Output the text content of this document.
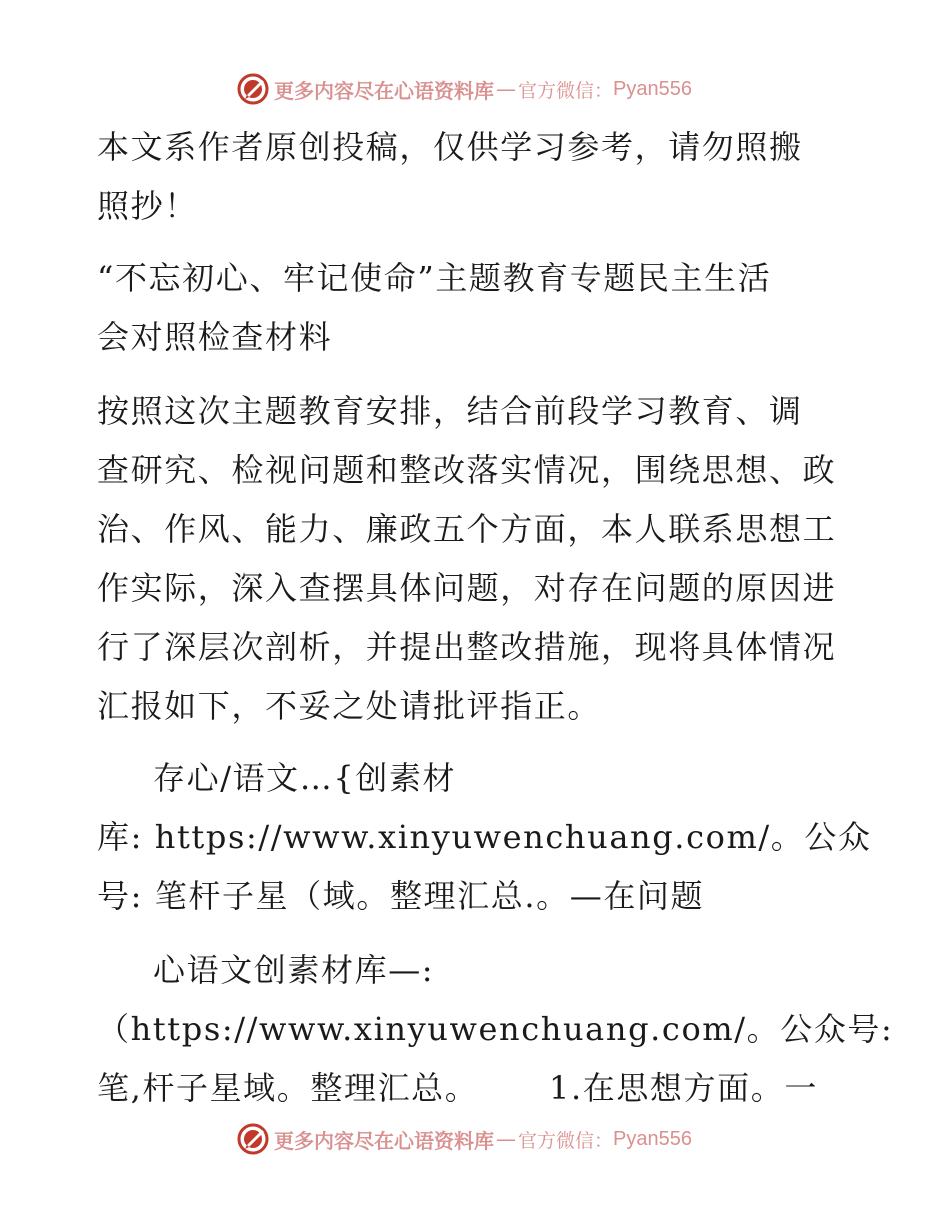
更多内容尽在心语资料库 — 官方微信： Pyan556
本文系作者原创投稿，仅供学习参考，请勿照搬
照抄！
“不忘初心、牢记使命”主题教育专题民主生活
会对照检查材料
按照这次主题教育安排，结合前段学习教育、调
查研究、检视问题和整改落实情况，围绕思想、政
治、作风、能力、廉政五个方面，本人联系思想工
作实际，深入查摆具体问题，对存在问题的原因进
行了深层次剖析，并提出整改措施，现将具体情况
汇报如下，不妥之处请批评指正。
存心/语文…{创素材
库: https://www.xinyuwenchuang.com/。公众
号: 笔杆子星（域。整理汇总.。—在问题
心语文创素材库—:
（https://www.xinyuwenchuang.com/。公众号:
笔,杆子星域。整理汇总。      1.在思想方面。一
更多内容尽在心语资料库 — 官方微信： Pyan556
